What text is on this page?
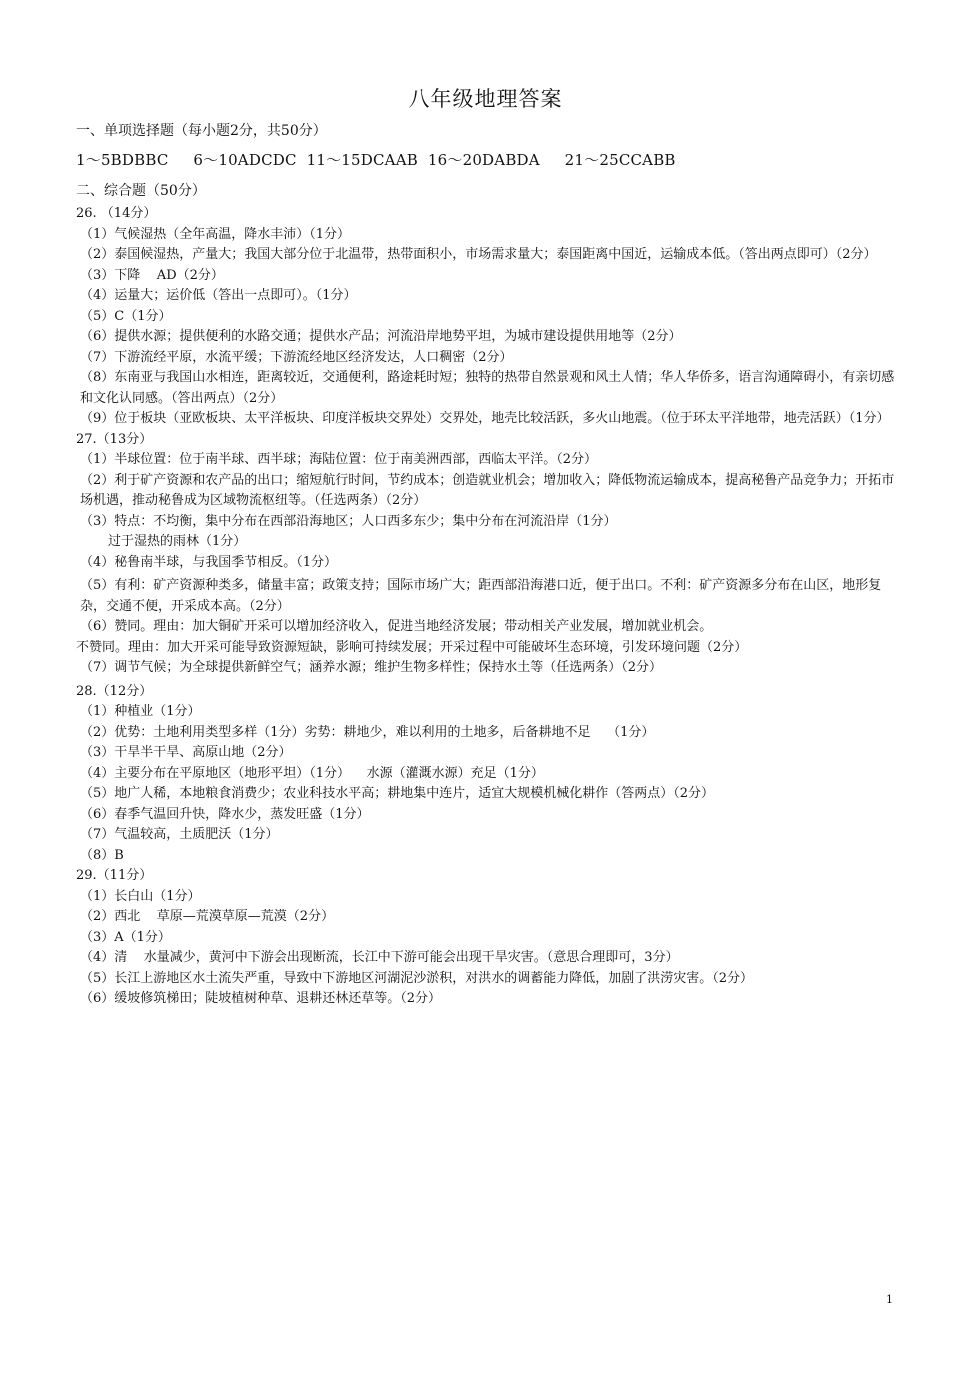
八年级地理答案
一、单项选择题（每小题2分，共50分）
1～5BDBBC     6～10ADCDC  11～15DCAAB  16～20DABDA     21～25CCABB
二、综合题（50分）
26. （14分）
（1）气候湿热（全年高温，降水丰沛）（1分）
（2）泰国候湿热，产量大；我国大部分位于北温带，热带面积小，市场需求量大；泰国距离中国近，运输成本低。（答出两点即可）（2分）
（3）下降    AD（2分）
（4）运量大；运价低（答出一点即可）。（1分）
（5）C（1分）
（6）提供水源；提供便利的水路交通；提供水产品；河流沿岸地势平坦，为城市建设提供用地等（2分）
（7）下游流经平原，水流平缓；下游流经地区经济发达，人口稠密（2分）
（8）东南亚与我国山水相连，距离较近，交通便利，路途耗时短；独特的热带自然景观和风土人情；华人华侨多，语言沟通障碍小，有亲切感和文化认同感。（答出两点）（2分）
（9）位于板块（亚欧板块、太平洋板块、印度洋板块交界处）交界处，地壳比较活跃，多火山地震。（位于环太平洋地带，地壳活跃）（1分）
27.（13分）
（1）半球位置：位于南半球、西半球；海陆位置：位于南美洲西部，西临太平洋。（2分）
（2）利于矿产资源和农产品的出口；缩短航行时间，节约成本；创造就业机会；增加收入；降低物流运输成本，提高秘鲁产品竞争力；开拓市场机遇，推动秘鲁成为区域物流枢纽等。（任选两条）（2分）
（3）特点：不均衡，集中分布在西部沿海地区；人口西多东少；集中分布在河流沿岸（1分）
过于湿热的雨林（1分）
（4）秘鲁南半球，与我国季节相反。（1分）
（5）有利：矿产资源种类多，储量丰富；政策支持；国际市场广大；距西部沿海港口近，便于出口。不利：矿产资源多分布在山区，地形复杂，交通不便，开采成本高。（2分）
（6）赞同。理由：加大铜矿开采可以增加经济收入，促进当地经济发展；带动相关产业发展，增加就业机会。
不赞同。理由：加大开采可能导致资源短缺，影响可持续发展；开采过程中可能破坏生态环境，引发环境问题（2分）
（7）调节气候；为全球提供新鲜空气；涵养水源；维护生物多样性；保持水土等（任选两条）（2分）
28.（12分）
（1）种植业（1分）
（2）优势：土地利用类型多样（1分）劣势：耕地少，难以利用的土地多，后备耕地不足    （1分）
（3）干旱半干旱、高原山地（2分）
（4）主要分布在平原地区（地形平坦）（1分）    水源（灌溉水源）充足（1分）
（5）地广人稀，本地粮食消费少；农业科技水平高；耕地集中连片，适宜大规模机械化耕作（答两点）（2分）
（6）春季气温回升快，降水少，蒸发旺盛（1分）
（7）气温较高，土质肥沃（1分）
（8）B
29.（11分）
（1）长白山（1分）
（2）西北    草原—荒漠草原—荒漠（2分）
（3）A（1分）
（4）清    水量减少，黄河中下游会出现断流，长江中下游可能会出现干旱灾害。（意思合理即可，3分）
（5）长江上游地区水土流失严重，导致中下游地区河湖泥沙淤积，对洪水的调蓄能力降低，加剧了洪涝灾害。（2分）
（6）缓坡修筑梯田；陡坡植树种草、退耕还林还草等。（2分）
1
